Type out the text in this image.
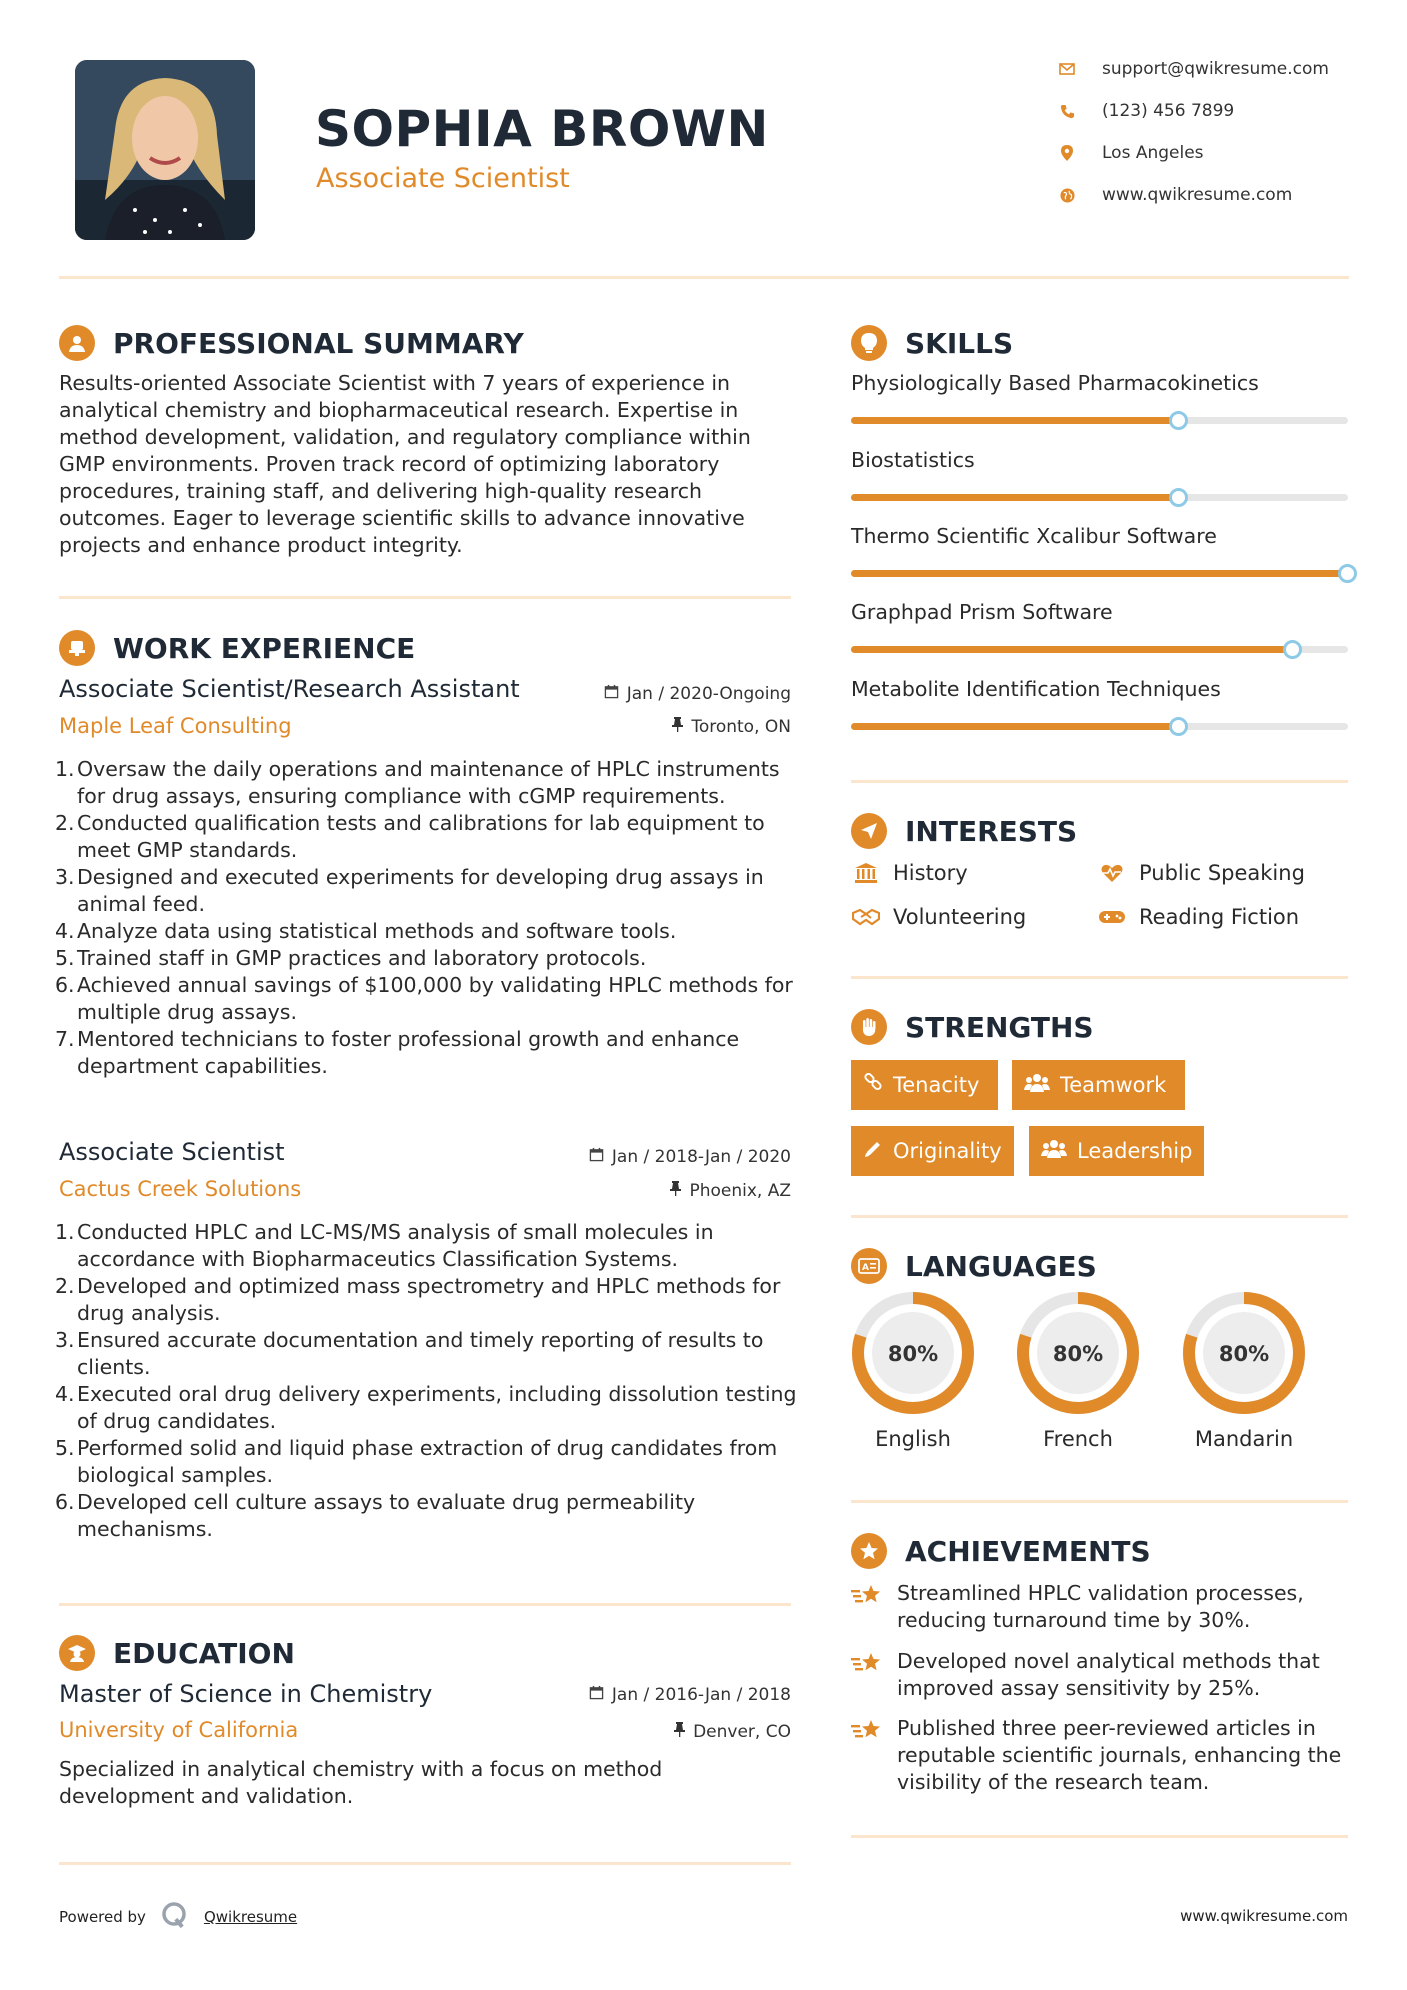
SOPHIA BROWN
Associate Scientist
support@qwikresume.com
(123) 456 7899
Los Angeles
www.qwikresume.com
PROFESSIONAL SUMMARY
Results-oriented Associate Scientist with 7 years of experience in analytical chemistry and biopharmaceutical research. Expertise in method development, validation, and regulatory compliance within GMP environments. Proven track record of optimizing laboratory procedures, training staff, and delivering high-quality research outcomes. Eager to leverage scientific skills to advance innovative projects and enhance product integrity.
WORK EXPERIENCE
Associate Scientist/Research Assistant	Jan / 2020-Ongoing
Maple Leaf Consulting	Toronto, ON
1. Oversaw the daily operations and maintenance of HPLC instruments for drug assays, ensuring compliance with cGMP requirements.
2. Conducted qualification tests and calibrations for lab equipment to meet GMP standards.
3. Designed and executed experiments for developing drug assays in animal feed.
4. Analyze data using statistical methods and software tools.
5. Trained staff in GMP practices and laboratory protocols.
6. Achieved annual savings of $100,000 by validating HPLC methods for multiple drug assays.
7. Mentored technicians to foster professional growth and enhance department capabilities.
Associate Scientist	Jan / 2018-Jan / 2020
Cactus Creek Solutions	Phoenix, AZ
1. Conducted HPLC and LC-MS/MS analysis of small molecules in accordance with Biopharmaceutics Classification Systems.
2. Developed and optimized mass spectrometry and HPLC methods for drug analysis.
3. Ensured accurate documentation and timely reporting of results to clients.
4. Executed oral drug delivery experiments, including dissolution testing of drug candidates.
5. Performed solid and liquid phase extraction of drug candidates from biological samples.
6. Developed cell culture assays to evaluate drug permeability mechanisms.
EDUCATION
Master of Science in Chemistry	Jan / 2016-Jan / 2018
University of California	Denver, CO
Specialized in analytical chemistry with a focus on method development and validation.
SKILLS
Physiologically Based Pharmacokinetics
Biostatistics
Thermo Scientific Xcalibur Software
Graphpad Prism Software
Metabolite Identification Techniques
INTERESTS
History	Public Speaking
Volunteering	Reading Fiction
STRENGTHS
Tenacity	Teamwork
Originality	Leadership
A LANGUAGES
80%
English
80%
French
80%
Mandarin
ACHIEVEMENTS
Streamlined HPLC validation processes, reducing turnaround time by 30%.
Developed novel analytical methods that improved assay sensitivity by 25%.
Published three peer-reviewed articles in reputable scientific journals, enhancing the visibility of the research team.
Powered by	Qwikresume	www.qwikresume.com
